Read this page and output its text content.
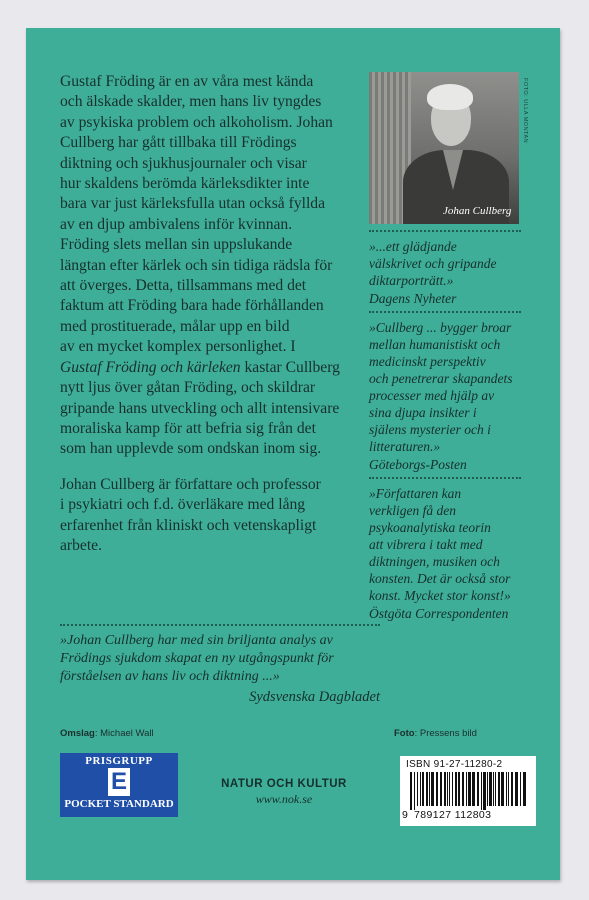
Gustaf Fröding är en av våra mest kända
och älskade skalder, men hans liv tyngdes
av psykiska problem och alkoholism. Johan
Cullberg har gått tillbaka till Frödings
diktning och sjukhusjournaler och visar
hur skaldens berömda kärleksdikter inte
bara var just kärleksfulla utan också fyllda
av en djup ambivalens inför kvinnan.
Fröding slets mellan sin uppslukande
längtan efter kärlek och sin tidiga rädsla för
att överges. Detta, tillsammans med det
faktum att Fröding bara hade förhållanden
med prostituerade, målar upp en bild
av en mycket komplex personlighet. I
Gustaf Fröding och kärleken kastar Cullberg
nytt ljus över gåtan Fröding, och skildrar
gripande hans utveckling och allt intensivare
moraliska kamp för att befria sig från det
som han upplevde som ondskan inom sig.

Johan Cullberg är författare och professor
i psykiatri och f.d. överläkare med lång
erfarenhet från kliniskt och vetenskapligt
arbete.

»Johan Cullberg har med sin briljanta analys av
Frödings sjukdom skapat en ny utgångspunkt för
förståelsen av hans liv och diktning ...»
Sydsvenska Dagbladet
Johan Cullberg
FOTO: ULLA MONTAN
»...ett glädjande
välskrivet och gripande
diktarporträtt.»
Dagens Nyheter
»Cullberg ... bygger broar
mellan humanistiskt och
medicinskt perspektiv
och penetrerar skapandets
processer med hjälp av
sina djupa insikter i
själens mysterier och i
litteraturen.»
Göteborgs-Posten
»Författaren kan
verkligen få den
psykoanalytiska teorin
att vibrera i takt med
diktningen, musiken och
konsten. Det är också stor
konst. Mycket stor konst!»
Östgöta Correspondenten
Omslag: Michael Wall	Foto: Pressens bild
PRISGRUPP
E
POCKET STANDARD
NATUR OCH KULTUR
www.nok.se
ISBN 91-27-11280-2
9 789127 112803
